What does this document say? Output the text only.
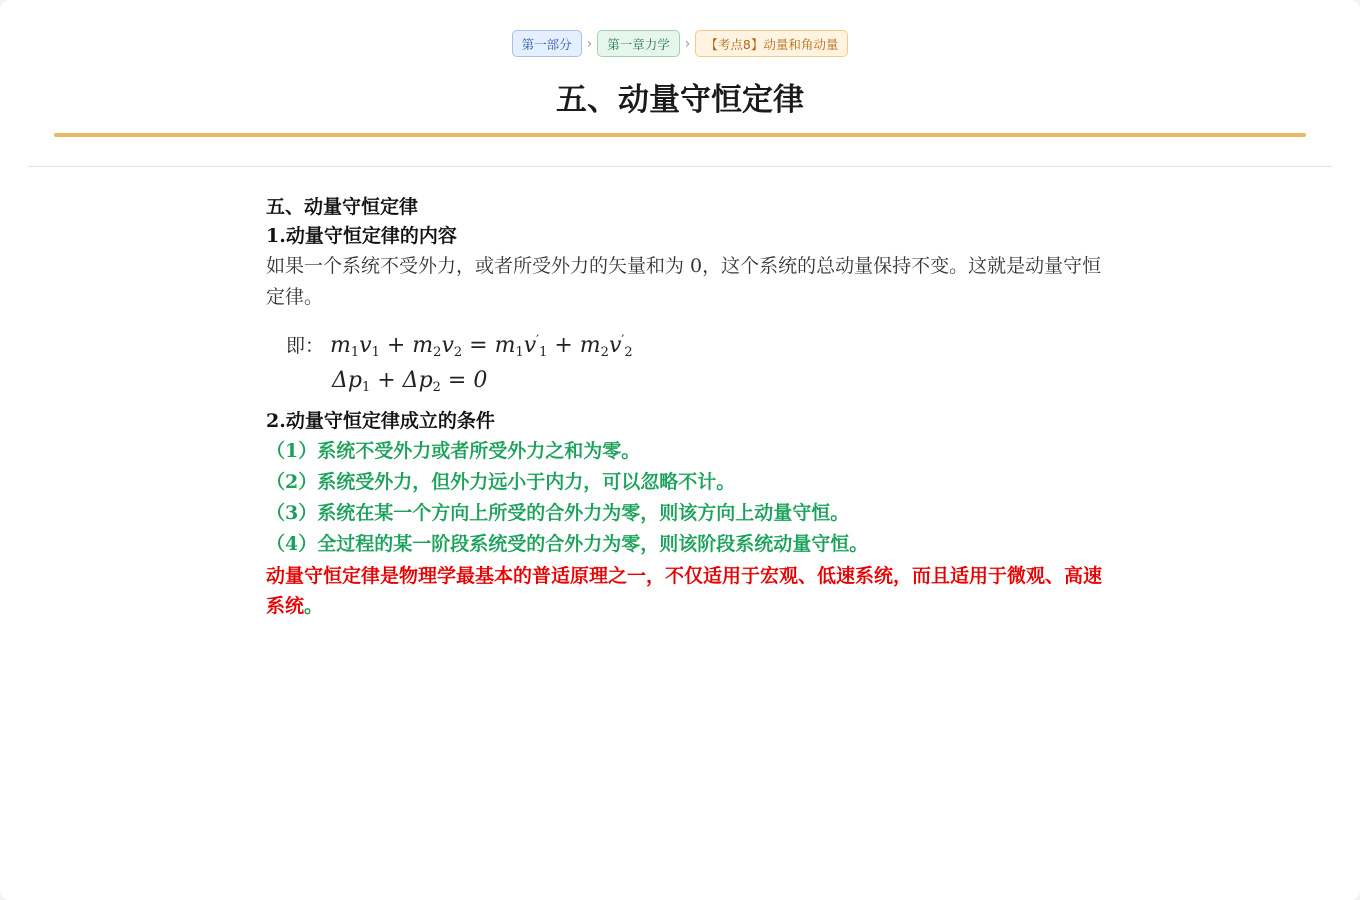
第一部分	›	第一章力学	›	【考点8】动量和角动量
五、动量守恒定律
五、动量守恒定律
1.动量守恒定律的内容
如果一个系统不受外力，或者所受外力的矢量和为 0，这个系统的总动量保持不变。这就是动量守恒定律。
即： $m_1v_1 + m_2v_2 = m_1v'_1 + m_2v'_2$
$\Delta p_1 + \Delta p_2 = 0$
2.动量守恒定律成立的条件
（1）系统不受外力或者所受外力之和为零。
（2）系统受外力，但外力远小于内力，可以忽略不计。
（3）系统在某一个方向上所受的合外力为零，则该方向上动量守恒。
（4）全过程的某一阶段系统受的合外力为零，则该阶段系统动量守恒。
动量守恒定律是物理学最基本的普适原理之一，不仅适用于宏观、低速系统，而且适用于微观、高速系统。
